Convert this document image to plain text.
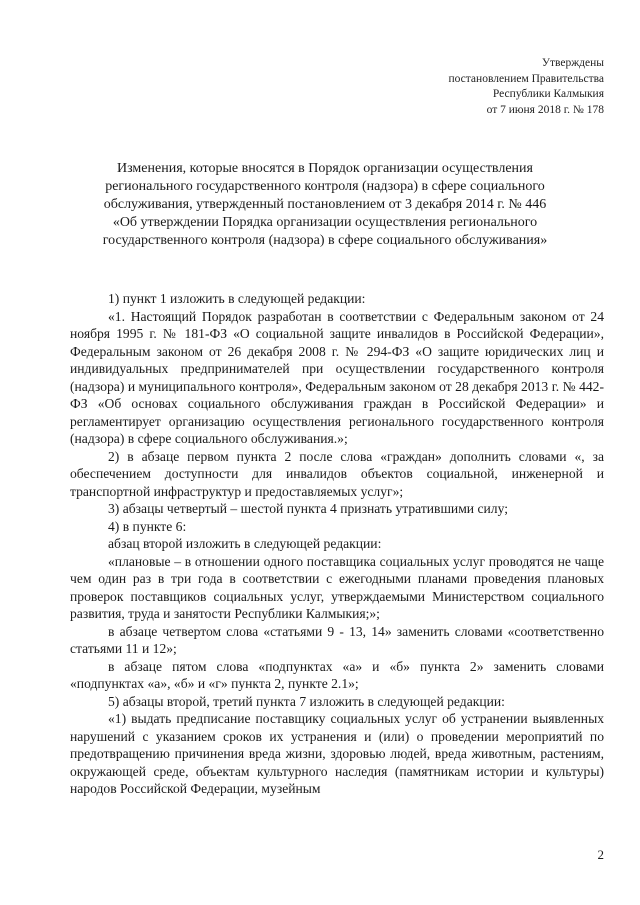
Утверждены
постановлением Правительства
Республики Калмыкия
от 7 июня 2018 г. № 178
Изменения, которые вносятся в Порядок организации осуществления
регионального государственного контроля (надзора) в сфере социального
обслуживания, утвержденный постановлением от 3 декабря 2014 г. № 446
«Об утверждении Порядка организации осуществления регионального
государственного контроля (надзора) в сфере социального обслуживания»

1) пункт 1 изложить в следующей редакции:

«1. Настоящий Порядок разработан в соответствии с Федеральным законом от 24 ноября 1995 г. № 181-ФЗ «О социальной защите инвалидов в Российской Федерации», Федеральным законом от 26 декабря 2008 г. № 294-ФЗ «О защите юридических лиц и индивидуальных предпринимателей при осуществлении государственного контроля (надзора) и муниципального контроля», Федеральным законом от 28 декабря 2013 г. № 442-ФЗ «Об основах социального обслуживания граждан в Российской Федерации» и регламентирует организацию осуществления регионального государственного контроля (надзора) в сфере социального обслуживания.»;

2) в абзаце первом пункта 2 после слова «граждан» дополнить словами «, за обеспечением доступности для инвалидов объектов социальной, инженерной и транспортной инфраструктур и предоставляемых услуг»;

3) абзацы четвертый – шестой пункта 4 признать утратившими силу;

4) в пункте 6:

абзац второй изложить в следующей редакции:

«плановые – в отношении одного поставщика социальных услуг проводятся не чаще чем один раз в три года в соответствии с ежегодными планами проведения плановых проверок поставщиков социальных услуг, утверждаемыми Министерством социального развития, труда и занятости Республики Калмыкия;»;

в абзаце четвертом слова «статьями 9 - 13, 14» заменить словами «соответственно статьями 11 и 12»;

в абзаце пятом слова «подпунктах «а» и «б» пункта 2» заменить словами «подпунктах «а», «б» и «г» пункта 2, пункте 2.1»;

5) абзацы второй, третий пункта 7 изложить в следующей редакции:

«1) выдать предписание поставщику социальных услуг об устранении выявленных нарушений с указанием сроков их устранения и (или) о проведении мероприятий по предотвращению причинения вреда жизни, здоровью людей, вреда животным, растениям, окружающей среде, объектам культурного наследия (памятникам истории и культуры) народов Российской Федерации, музейным

2
